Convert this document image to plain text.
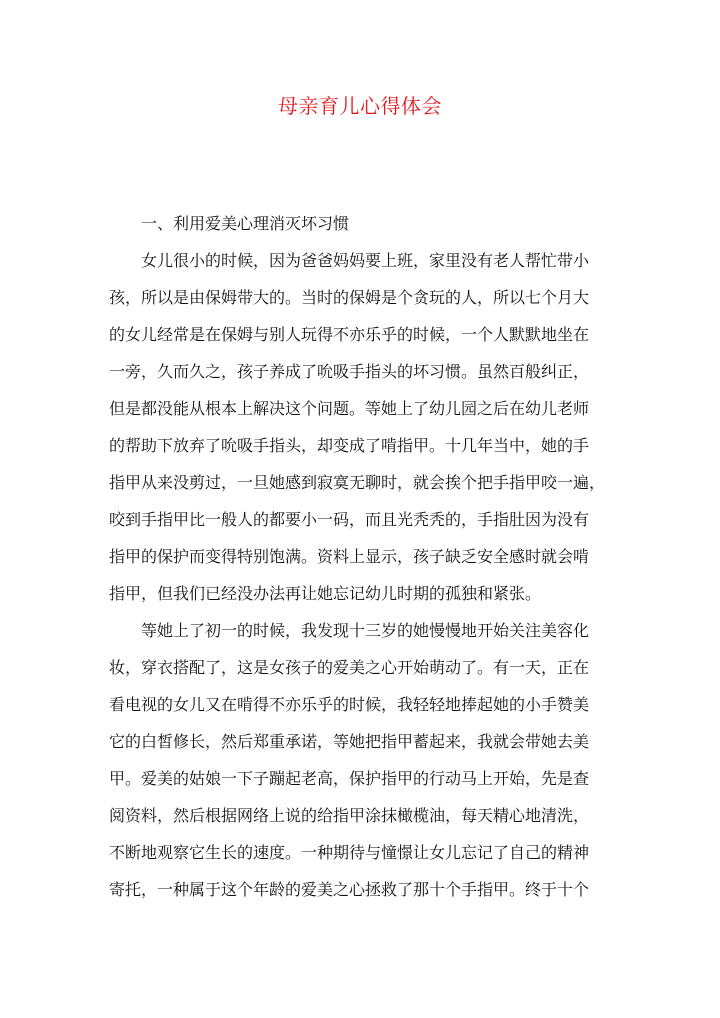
母亲育儿心得体会
一、利用爱美心理消灭坏习惯
女儿很小的时候，因为爸爸妈妈要上班，家里没有老人帮忙带小
孩，所以是由保姆带大的。当时的保姆是个贪玩的人，所以七个月大
的女儿经常是在保姆与别人玩得不亦乐乎的时候，一个人默默地坐在
一旁，久而久之，孩子养成了吮吸手指头的坏习惯。虽然百般纠正，
但是都没能从根本上解决这个问题。等她上了幼儿园之后在幼儿老师
的帮助下放弃了吮吸手指头，却变成了啃指甲。十几年当中，她的手
指甲从来没剪过，一旦她感到寂寞无聊时，就会挨个把手指甲咬一遍，
咬到手指甲比一般人的都要小一码，而且光秃秃的，手指肚因为没有
指甲的保护而变得特别饱满。资料上显示，孩子缺乏安全感时就会啃
指甲，但我们已经没办法再让她忘记幼儿时期的孤独和紧张。
等她上了初一的时候，我发现十三岁的她慢慢地开始关注美容化
妆，穿衣搭配了，这是女孩子的爱美之心开始萌动了。有一天，正在
看电视的女儿又在啃得不亦乐乎的时候，我轻轻地捧起她的小手赞美
它的白皙修长，然后郑重承诺，等她把指甲蓄起来，我就会带她去美
甲。爱美的姑娘一下子蹦起老高，保护指甲的行动马上开始，先是查
阅资料，然后根据网络上说的给指甲涂抹橄榄油，每天精心地清洗，
不断地观察它生长的速度。一种期待与憧憬让女儿忘记了自己的精神
寄托，一种属于这个年龄的爱美之心拯救了那十个手指甲。终于十个
